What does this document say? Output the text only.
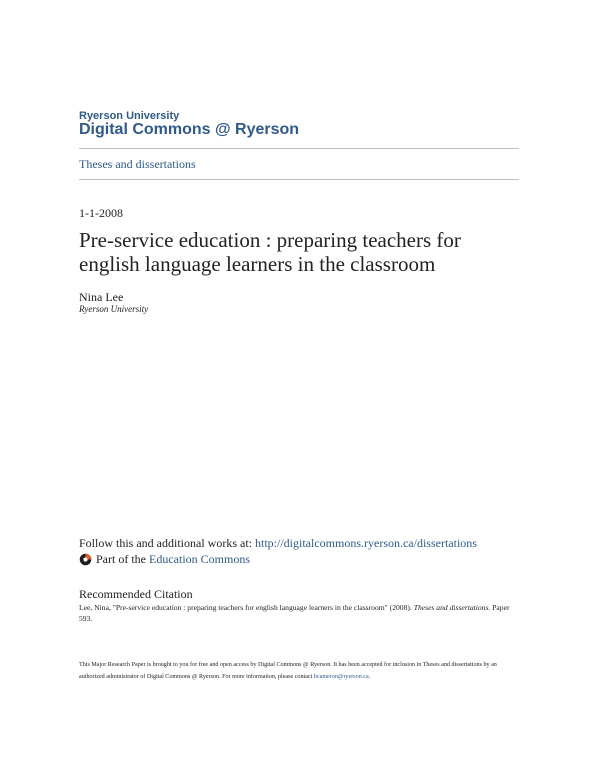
Ryerson University
Digital Commons @ Ryerson
Theses and dissertations
1-1-2008
Pre-service education : preparing teachers for
english language learners in the classroom
Nina Lee
Ryerson University
Follow this and additional works at: http://digitalcommons.ryerson.ca/dissertations
Part of the
Education Commons
Recommended Citation
Lee, Nina, "Pre-service education : preparing teachers for english language learners in the classroom" (2008). Theses and dissertations. Paper 593.
This Major Research Paper is brought to you for free and open access by Digital Commons @ Ryerson. It has been accepted for inclusion in Theses and dissertations by an authorized administrator of Digital Commons @ Ryerson. For more information, please contact bcameron@ryerson.ca.
